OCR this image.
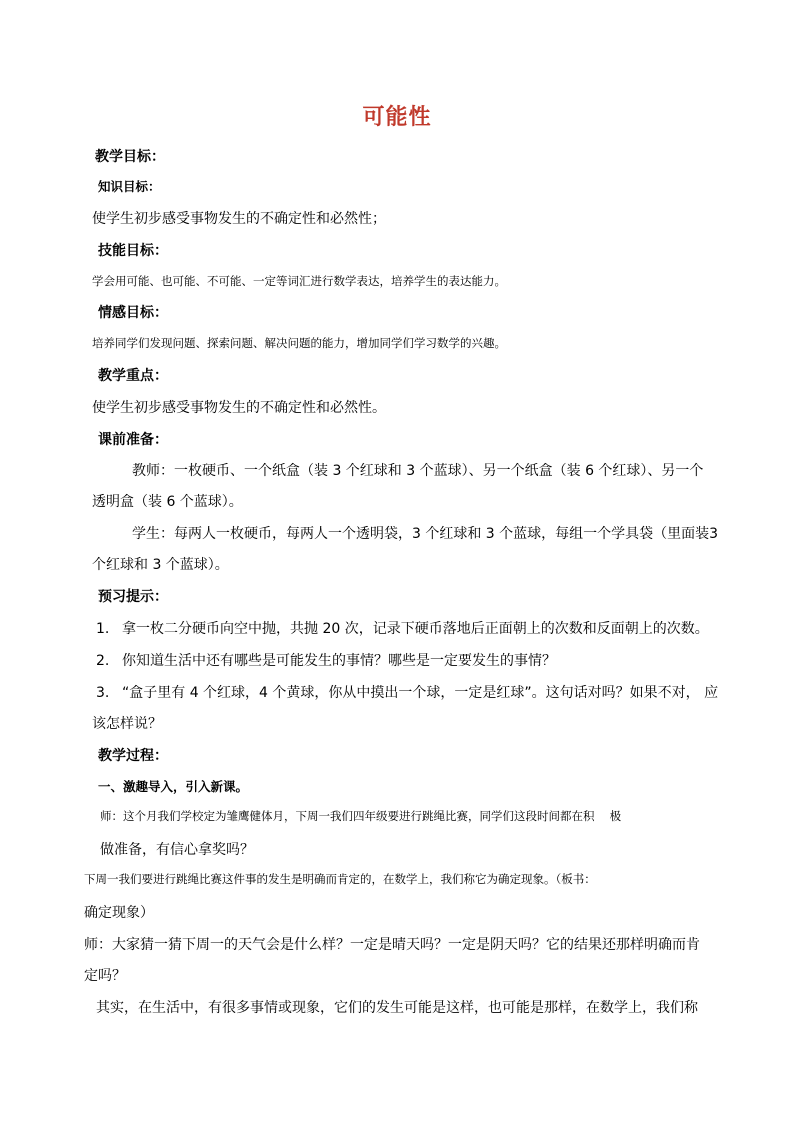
可能性
教学目标：
知识目标：
使学生初步感受事物发生的不确定性和必然性；
技能目标：
学会用可能、也可能、不可能、一定等词汇进行数学表达，培养学生的表达能力。
情感目标：
培养同学们发现问题、探索问题、解决问题的能力，增加同学们学习数学的兴趣。
教学重点：
使学生初步感受事物发生的不确定性和必然性。
课前准备：
教师：一枚硬币、一个纸盒（装 3 个红球和 3 个蓝球）、另一个纸盒（装 6 个红球）、另一个
透明盒（装 6 个蓝球）。
学生：每两人一枚硬币，每两人一个透明袋，3 个红球和 3 个蓝球，每组一个学具袋（里面装3
个红球和 3 个蓝球）。
预习提示：
1. 拿一枚二分硬币向空中抛，共抛 20 次，记录下硬币落地后正面朝上的次数和反面朝上的次数。
2. 你知道生活中还有哪些是可能发生的事情？哪些是一定要发生的事情？
3. “盒子里有 4 个红球，4 个黄球，你从中摸出一个球，一定是红球”。这句话对吗？如果不对， 应
该怎样说？
教学过程：
一、激趣导入，引入新课。
师：这个月我们学校定为雏鹰健体月，下周一我们四年级要进行跳绳比赛，同学们这段时间都在积　 极
做准备，有信心拿奖吗？
下周一我们要进行跳绳比赛这件事的发生是明确而肯定的，在数学上，我们称它为确定现象。（板书：
确定现象）
师：大家猜一猜下周一的天气会是什么样？一定是晴天吗？一定是阴天吗？它的结果还那样明确而肯
定吗？
其实，在生活中，有很多事情或现象，它们的发生可能是这样，也可能是那样，在数学上，我们称
